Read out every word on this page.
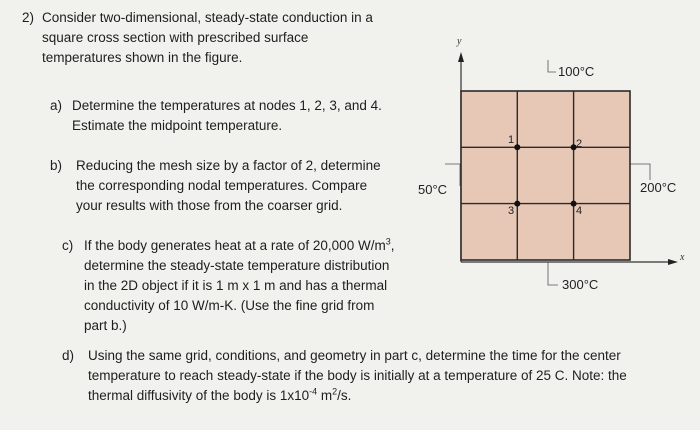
2) Consider two-dimensional, steady-state conduction in a
square cross section with prescribed surface
temperatures shown in the figure.
a) Determine the temperatures at nodes 1, 2, 3, and 4.
Estimate the midpoint temperature.
b) Reducing the mesh size by a factor of 2, determine
the corresponding nodal temperatures. Compare
your results with those from the coarser grid.
c) If the body generates heat at a rate of 20,000 $W/m^3$,
determine the steady-state temperature distribution
in the 2D object if it is 1 m x 1 m and has a thermal
conductivity of 10 W/m-K. (Use the fine grid from
part b.)
d) Using the same grid, conditions, and geometry in part c, determine the time for the center
temperature to reach steady-state if the body is initially at a temperature of 25 C. Note: the
thermal diffusivity of the body is $1x10^{-4}$ $m^2/s$.
100°C
50°C	200°C
300°C
y
x
1	2
3	4
